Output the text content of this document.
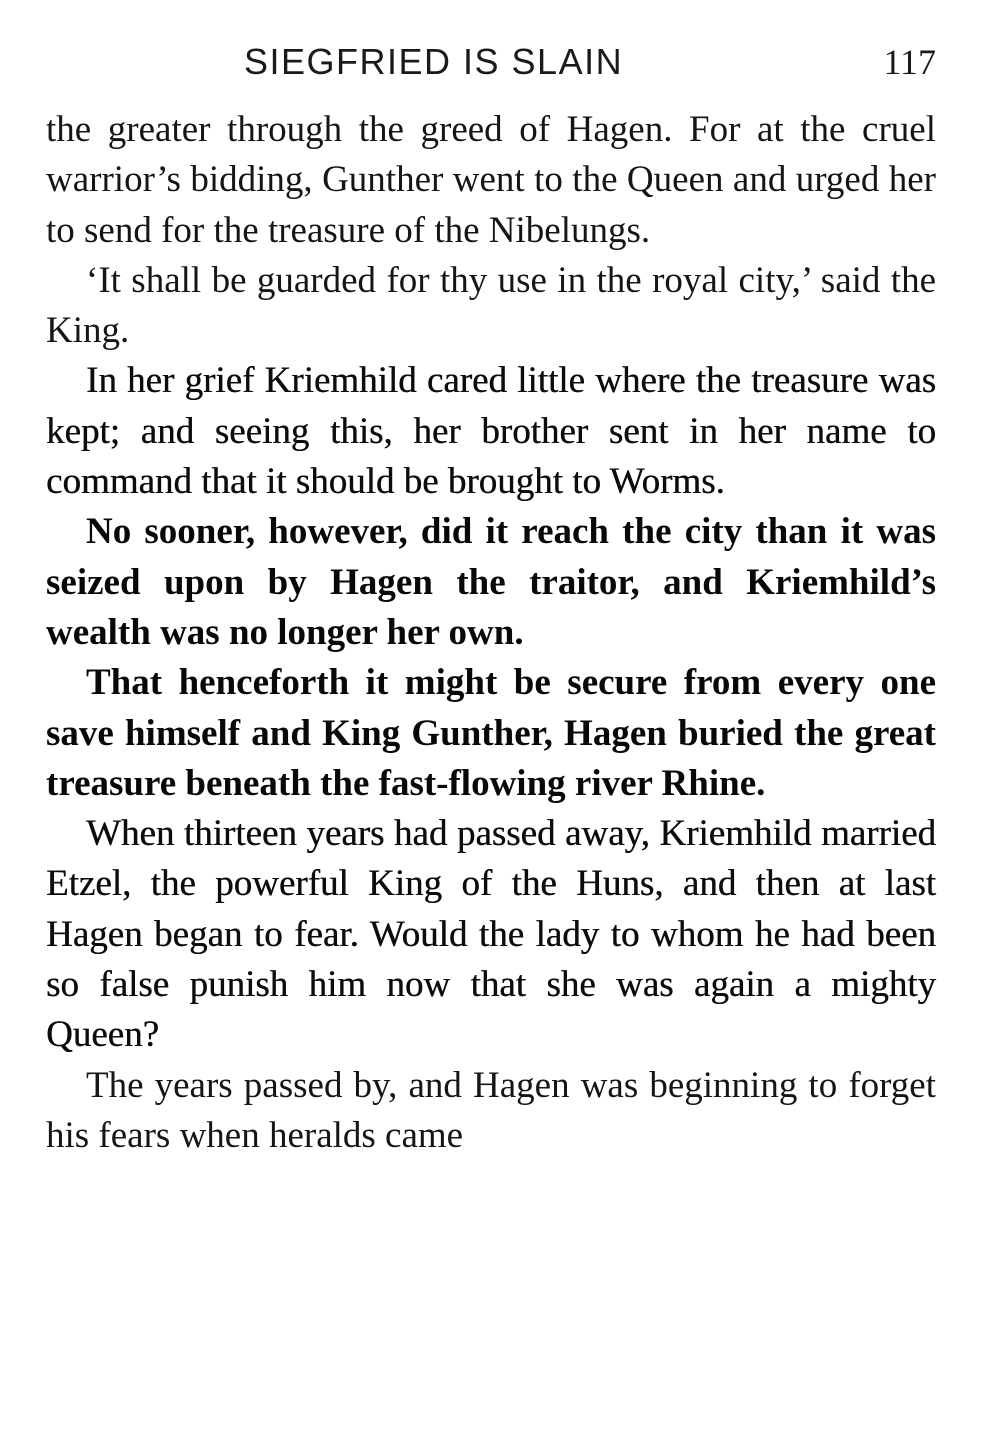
SIEGFRIED IS SLAIN	117

the greater through the greed of Hagen. For at the cruel warrior’s bidding, Gunther went to the Queen and urged her to send for the treasure of the Nibelungs.

‘It shall be guarded for thy use in the royal city,’ said the King.

In her grief Kriemhild cared little where the treasure was kept; and seeing this, her brother sent in her name to command that it should be brought to Worms.

No sooner, however, did it reach the city than it was seized upon by Hagen the traitor, and Kriemhild’s wealth was no longer her own.

That henceforth it might be secure from every one save himself and King Gunther, Hagen buried the great treasure beneath the fast-flowing river Rhine.

When thirteen years had passed away, Kriemhild married Etzel, the powerful King of the Huns, and then at last Hagen began to fear. Would the lady to whom he had been so false punish him now that she was again a mighty Queen?

The years passed by, and Hagen was beginning to forget his fears when heralds came
